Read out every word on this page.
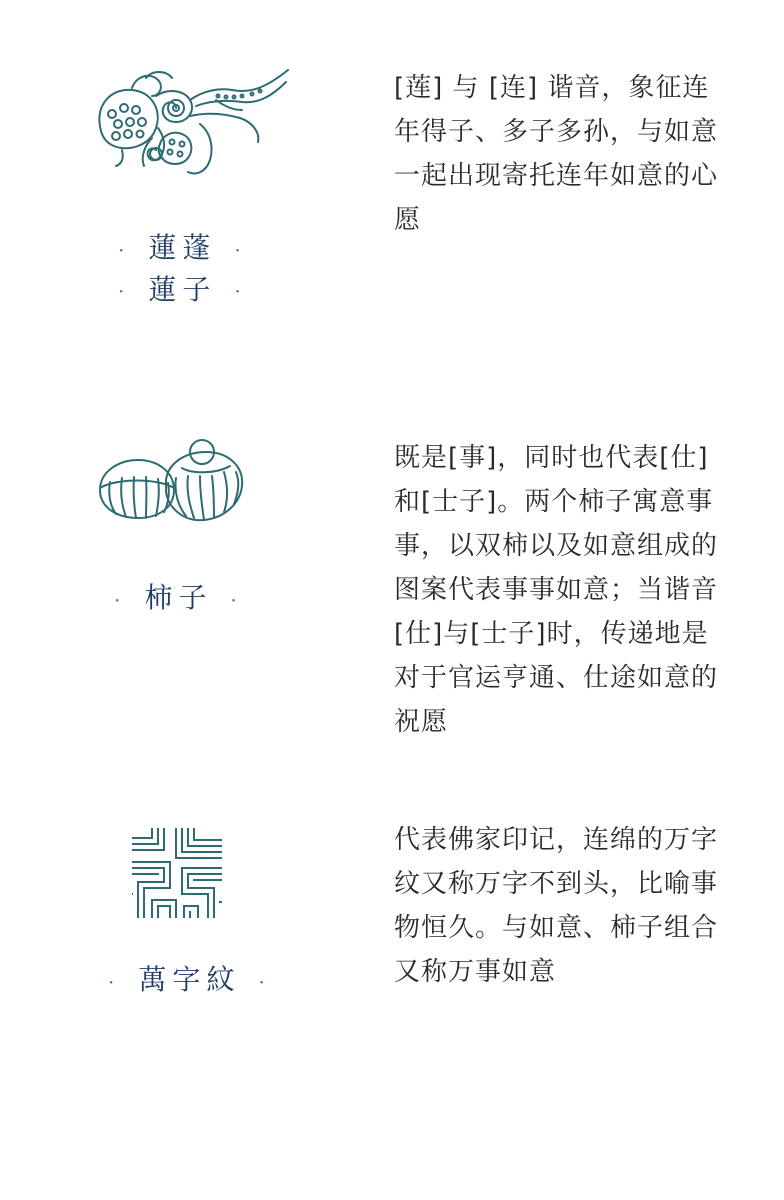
· 蓮蓬 ·
· 蓮子 ·
[莲] 与 [连] 谐音，象征连年得子、多子多孙，与如意一起出现寄托连年如意的心愿
· 柿子 ·
既是[事]，同时也代表[仕]和[士子]。两个柿子寓意事事，以双柿以及如意组成的图案代表事事如意；当谐音[仕]与[士子]时，传递地是对于官运亨通、仕途如意的祝愿
· 萬字紋 ·
代表佛家印记，连绵的万字纹又称万字不到头，比喻事物恒久。与如意、柿子组合又称万事如意
